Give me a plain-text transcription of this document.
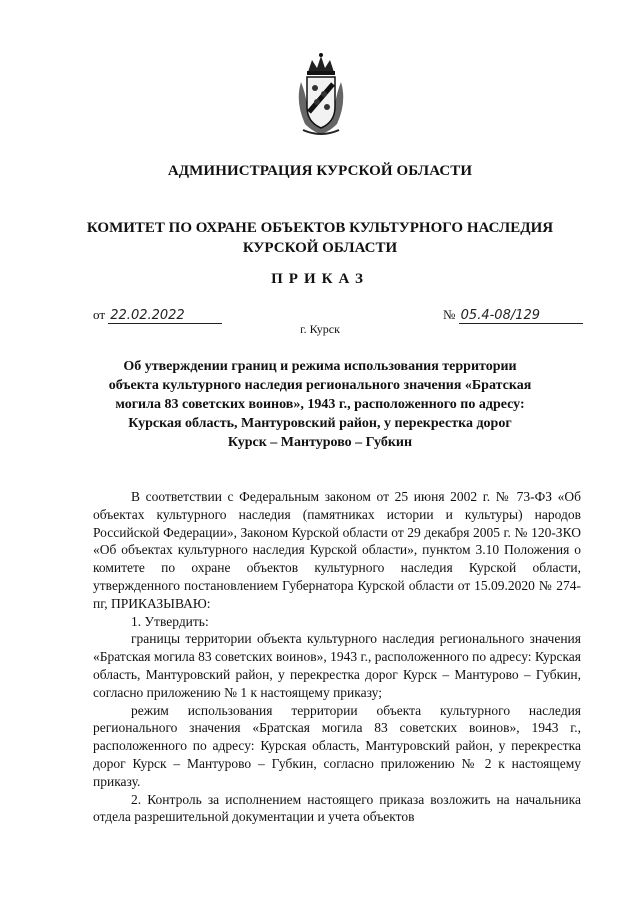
АДМИНИСТРАЦИЯ КУРСКОЙ ОБЛАСТИ
КОМИТЕТ ПО ОХРАНЕ ОБЪЕКТОВ КУЛЬТУРНОГО НАСЛЕДИЯ
КУРСКОЙ ОБЛАСТИ
ПРИКАЗ
от 22.02.2022	№ 05.4-08/129
г. Курск
Об утверждении границ и режима использования территории
объекта культурного наследия регионального значения «Братская
могила 83 советских воинов», 1943 г., расположенного по адресу:
Курская область, Мантуровский район, у перекрестка дорог
Курск – Мантурово – Губкин

В соответствии с Федеральным законом от 25 июня 2002 г. № 73-ФЗ «Об объектах культурного наследия (памятниках истории и культуры) народов Российской Федерации», Законом Курской области от 29 декабря 2005 г. № 120-ЗКО «Об объектах культурного наследия Курской области», пунктом 3.10 Положения о комитете по охране объектов культурного наследия Курской области, утвержденного постановлением Губернатора Курской области от 15.09.2020 № 274-пг, ПРИКАЗЫВАЮ:

1. Утвердить:

границы территории объекта культурного наследия регионального значения «Братская могила 83 советских воинов», 1943 г., расположенного по адресу: Курская область, Мантуровский район, у перекрестка дорог Курск – Мантурово – Губкин, согласно приложению № 1 к настоящему приказу;

режим использования территории объекта культурного наследия регионального значения «Братская могила 83 советских воинов», 1943 г., расположенного по адресу: Курская область, Мантуровский район, у перекрестка дорог Курск – Мантурово – Губкин, согласно приложению № 2 к настоящему приказу.

2. Контроль за исполнением настоящего приказа возложить на начальника отдела разрешительной документации и учета объектов
